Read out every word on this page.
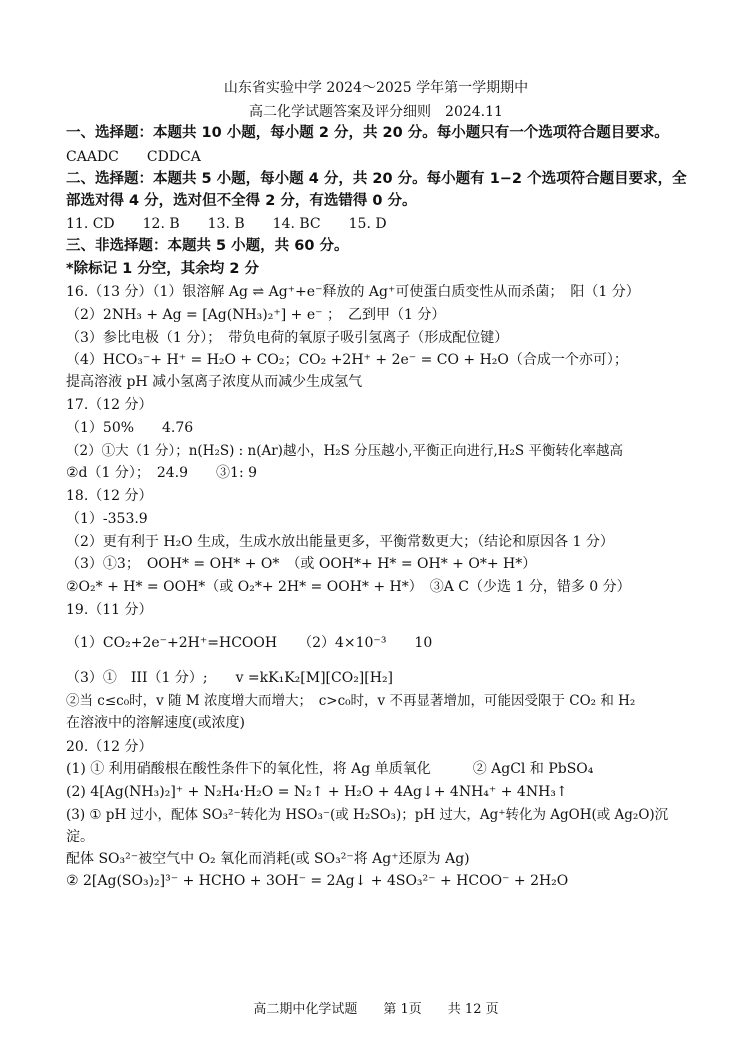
山东省实验中学 2024～2025 学年第一学期期中
高二化学试题答案及评分细则　2024.11
一、选择题：本题共 10 小题，每小题 2 分，共 20 分。每小题只有一个选项符合题目要求。
CAADC　　CDDCA
二、选择题：本题共 5 小题，每小题 4 分，共 20 分。每小题有 1−2 个选项符合题目要求，全
部选对得 4 分，选对但不全得 2 分，有选错得 0 分。
11. CD　　12. B　　13. B　　14. BC　　15. D
三、非选择题：本题共 5 小题，共 60 分。
*除标记 1 分空，其余均 2 分
16.（13 分）（1）银溶解 Ag ⇌ Ag⁺+e⁻释放的 Ag⁺可使蛋白质变性从而杀菌；　阳（1 分）
（2）2NH₃ + Ag = [Ag(NH₃)₂⁺] + e⁻ ；　乙到甲（1 分）
（3）参比电极（1 分）；　带负电荷的氧原子吸引氢离子（形成配位键）
（4）HCO₃⁻+ H⁺ = H₂O + CO₂；CO₂ +2H⁺ + 2e⁻ = CO + H₂O（合成一个亦可）；
提高溶液 pH 减小氢离子浓度从而减少生成氢气
17.（12 分）
（1）50%　　4.76
（2）①大（1 分）；n(H₂S) : n(Ar)越小，H₂S 分压越小,平衡正向进行,H₂S 平衡转化率越高
②d（1 分）；　24.9　　③1: 9
18.（12 分）
（1）-353.9
（2）更有利于 H₂O 生成，生成水放出能量更多，平衡常数更大；（结论和原因各 1 分）
（3）①3；　OOH* = OH* + O*　（或 OOH*+ H* = OH* + O*+ H*）
②O₂* + H* = OOH*（或 O₂*+ 2H* = OOH* + H*）　③A C（少选 1 分，错多 0 分）
19.（11 分）
（1）CO₂+2e⁻+2H⁺=HCOOH　　（2）4×10⁻³　　10
（3）①　III（1 分）;　　v =kK₁K₂[M][CO₂][H₂]
②当 c≤c₀时，v 随 M 浓度增大而增大；　c>c₀时，v 不再显著增加，可能因受限于 CO₂ 和 H₂
在溶液中的溶解速度(或浓度)
20.（12 分）
(1) ① 利用硝酸根在酸性条件下的氧化性，将 Ag 单质氧化　　　② AgCl 和 PbSO₄
(2) 4[Ag(NH₃)₂]⁺ + N₂H₄·H₂O = N₂↑ + H₂O + 4Ag↓+ 4NH₄⁺ + 4NH₃↑
(3) ① pH 过小，配体 SO₃²⁻转化为 HSO₃⁻(或 H₂SO₃)；pH 过大，Ag⁺转化为 AgOH(或 Ag₂O)沉
淀。
配体 SO₃²⁻被空气中 O₂ 氧化而消耗(或 SO₃²⁻将 Ag⁺还原为 Ag)
② 2[Ag(SO₃)₂]³⁻ + HCHO + 3OH⁻ = 2Ag↓ + 4SO₃²⁻ + HCOO⁻ + 2H₂O
高二期中化学试题　　第 1页　　共 12 页
